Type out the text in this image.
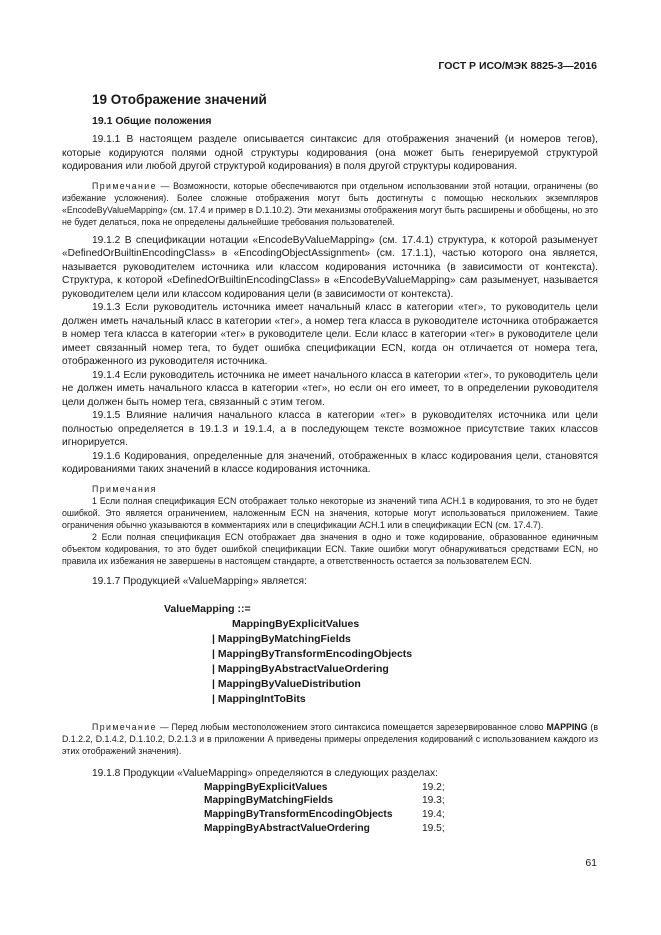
ГОСТ Р ИСО/МЭК 8825-3—2016
19 Отображение значений
19.1 Общие положения

19.1.1 В настоящем разделе описывается синтаксис для отображения значений (и номеров тегов), которые кодируются полями одной структуры кодирования (она может быть генерируемой структурой кодирования или любой другой структурой кодирования) в поля другой структуры кодирования.

Примечание — Возможности, которые обеспечиваются при отдельном использовании этой нотации, ограничены (во избежание усложнения). Более сложные отображения могут быть достигнуты с помощью нескольких экземпляров «EncodeByValueMapping» (см. 17.4 и пример в D.1.10.2). Эти механизмы отображения могут быть расширены и обобщены, но это не будет делаться, пока не определены дальнейшие требования пользователей.

19.1.2 В спецификации нотации «EncodeByValueMapping» (см. 17.4.1) структура, к которой разыменует «DefinedOrBuiltinEncodingClass» в «EncodingObjectAssignment» (см. 17.1.1), частью которого она является, называется руководителем источника или классом кодирования источника (в зависимости от контекста). Структура, к которой «DefinedOrBuiltinEncodingClass» в «EncodeByValueMapping» сам разыменует, называется руководителем цели или классом кодирования цели (в зависимости от контекста).

19.1.3 Если руководитель источника имеет начальный класс в категории «тег», то руководитель цели должен иметь начальный класс в категории «тег», а номер тега класса в руководителе источника отображается в номер тега класса в категории «тег» в руководителе цели. Если класс в категории «тег» в руководителе цели имеет связанный номер тега, то будет ошибка спецификации ECN, когда он отличается от номера тега, отображенного из руководителя источника.

19.1.4 Если руководитель источника не имеет начального класса в категории «тег», то руководитель цели не должен иметь начального класса в категории «тег», но если он его имеет, то в определении руководителя цели должен быть номер тега, связанный с этим тегом.

19.1.5 Влияние наличия начального класса в категории «тег» в руководителях источника или цели полностью определяется в 19.1.3 и 19.1.4, а в последующем тексте возможное присутствие таких классов игнорируется.

19.1.6 Кодирования, определенные для значений, отображенных в класс кодирования цели, становятся кодированиями таких значений в классе кодирования источника.

Примечания
1 Если полная спецификация ECN отображает только некоторые из значений типа АСН.1 в кодирования, то это не будет ошибкой. Это является ограничением, наложенным ECN на значения, которые могут использоваться приложением. Такие ограничения обычно указываются в комментариях или в спецификации АСН.1 или в спецификации ECN (см. 17.4.7).
2 Если полная спецификация ECN отображает два значения в одно и тоже кодирование, образованное единичным объектом кодирования, то это будет ошибкой спецификации ECN. Такие ошибки могут обнаруживаться средствами ECN, но правила их избежания не завершены в настоящем стандарте, а ответственность остается за пользователем ECN.

19.1.7 Продукцией «ValueMapping» является:

ValueMapping ::=
MappingByExplicitValues
| MappingByMatchingFields
| MappingByTransformEncodingObjects
| MappingByAbstractValueOrdering
| MappingByValueDistribution
| MappingIntToBits
Примечание — Перед любым местоположением этого синтаксиса помещается зарезервированное слово MAPPING (в D.1.2.2, D.1.4.2, D.1.10.2, D.2.1.3 и в приложении А приведены примеры определения кодирований с использованием каждого из этих отображений значения).

19.1.8 Продукции «ValueMapping» определяются в следующих разделах:

MappingByExplicitValues	19.2;
MappingByMatchingFields	19.3;
MappingByTransformEncodingObjects	19.4;
MappingByAbstractValueOrdering	19.5;
61
